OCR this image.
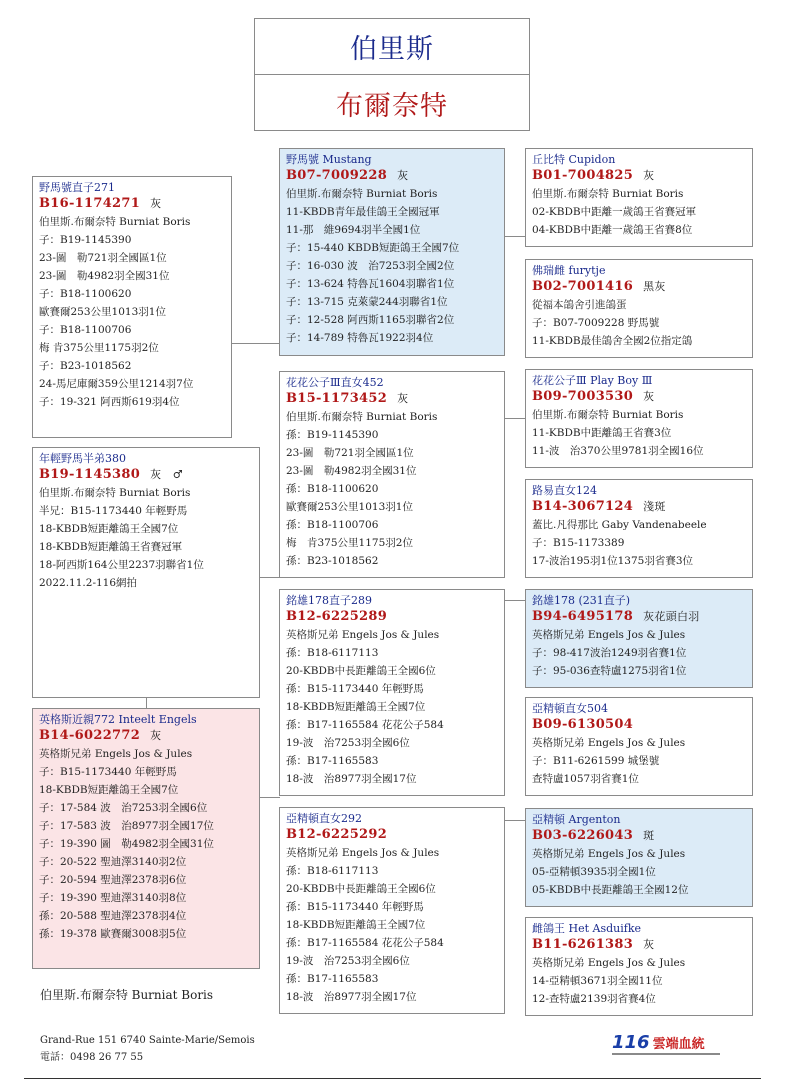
伯里斯
布爾奈特
野馬號直子271
B16-1174271 灰
伯里斯.布爾奈特 Burniat Boris
子：B19-1145390
23-圖　勒721羽全國區1位
23-圖　勒4982羽全國31位
子：B18-1100620
歐賽爾253公里1013羽1位
子：B18-1100706
梅 肯375公里1175羽2位
子：B23-1018562
24-馬尼庫爾359公里1214羽7位
子：19-321 阿西斯619羽4位
野馬號 Mustang
B07-7009228 灰
伯里斯.布爾奈特 Burniat Boris
11-KBDB青年最佳鴿王全國冠軍
11-那　維9694羽半全國1位
子：15-440 KBDB短距鴿王全國7位
子：16-030 波　治7253羽全國2位
子：13-624 特魯瓦1604羽聯省1位
子：13-715 克萊蒙244羽聯省1位
子：12-528 阿西斯1165羽聯省2位
子：14-789 特魯瓦1922羽4位
丘比特 Cupidon
B01-7004825 灰
伯里斯.布爾奈特 Burniat Boris
02-KBDB中距離一歲鴿王省賽冠軍
04-KBDB中距離一歲鴿王省賽8位
佛瑞雌 furytje
B02-7001416 黑灰
從福本鴿舍引進鴿蛋
子：B07-7009228 野馬號
11-KBDB最佳鴿舍全國2位指定鴿
花花公子Ⅲ直女452
B15-1173452 灰
伯里斯.布爾奈特 Burniat Boris
孫：B19-1145390
23-圖　勒721羽全國區1位
23-圖　勒4982羽全國31位
孫：B18-1100620
歐賽爾253公里1013羽1位
孫：B18-1100706
梅　肯375公里1175羽2位
孫：B23-1018562
花花公子Ⅲ Play Boy Ⅲ
B09-7003530 灰
伯里斯.布爾奈特 Burniat Boris
11-KBDB中距離鴿王省賽3位
11-波　治370公里9781羽全國16位
路易直女124
B14-3067124 淺斑
蓋比.凡得那比 Gaby Vandenabeele
子：B15-1173389
17-波治195羽1位1375羽省賽3位
年輕野馬半弟380
B19-1145380 灰　♂
伯里斯.布爾奈特 Burniat Boris
半兄：B15-1173440 年輕野馬
18-KBDB短距離鴿王全國7位
18-KBDB短距離鴿王省賽冠軍
18-阿西斯164公里2237羽聯省1位
2022.11.2-116網拍
英格斯近親772 Inteelt Engels
B14-6022772 灰
英格斯兄弟 Engels Jos & Jules
子：B15-1173440 年輕野馬
18-KBDB短距離鴿王全國7位
子：17-584 波　治7253羽全國6位
子：17-583 波　治8977羽全國17位
子：19-390 圖　勒4982羽全國31位
子：20-522 聖迪澤3140羽2位
子：20-594 聖迪澤2378羽6位
子：19-390 聖迪澤3140羽8位
孫：20-588 聖迪澤2378羽4位
孫：19-378 歐賽爾3008羽5位
銘雄178直子289
B12-6225289
英格斯兄弟 Engels Jos & Jules
孫：B18-6117113
20-KBDB中長距離鴿王全國6位
孫：B15-1173440 年輕野馬
18-KBDB短距離鴿王全國7位
孫：B17-1165584 花花公子584
19-波　治7253羽全國6位
孫：B17-1165583
18-波　治8977羽全國17位
銘雄178 (231直子)
B94-6495178 灰花頭白羽
英格斯兄弟 Engels Jos & Jules
子：98-417波治1249羽省賽1位
子：95-036查特盧1275羽省1位
亞精頓直女504
B09-6130504
英格斯兄弟 Engels Jos & Jules
子：B11-6261599 城堡號
查特盧1057羽省賽1位
亞精頓直女292
B12-6225292
英格斯兄弟 Engels Jos & Jules
孫：B18-6117113
20-KBDB中長距離鴿王全國6位
孫：B15-1173440 年輕野馬
18-KBDB短距離鴿王全國7位
孫：B17-1165584 花花公子584
19-波　治7253羽全國6位
孫：B17-1165583
18-波　治8977羽全國17位
亞精頓 Argenton
B03-6226043 斑
英格斯兄弟 Engels Jos & Jules
05-亞精頓3935羽全國1位
05-KBDB中長距離鴿王全國12位
雌鴿王 Het Asduifke
B11-6261383 灰
英格斯兄弟 Engels Jos & Jules
14-亞精頓3671羽全國11位
12-查特盧2139羽省賽4位
伯里斯.布爾奈特 Burniat Boris
Grand-Rue 151 6740 Sainte-Marie/Semois
電話：0498 26 77 55
116 雲端血統
